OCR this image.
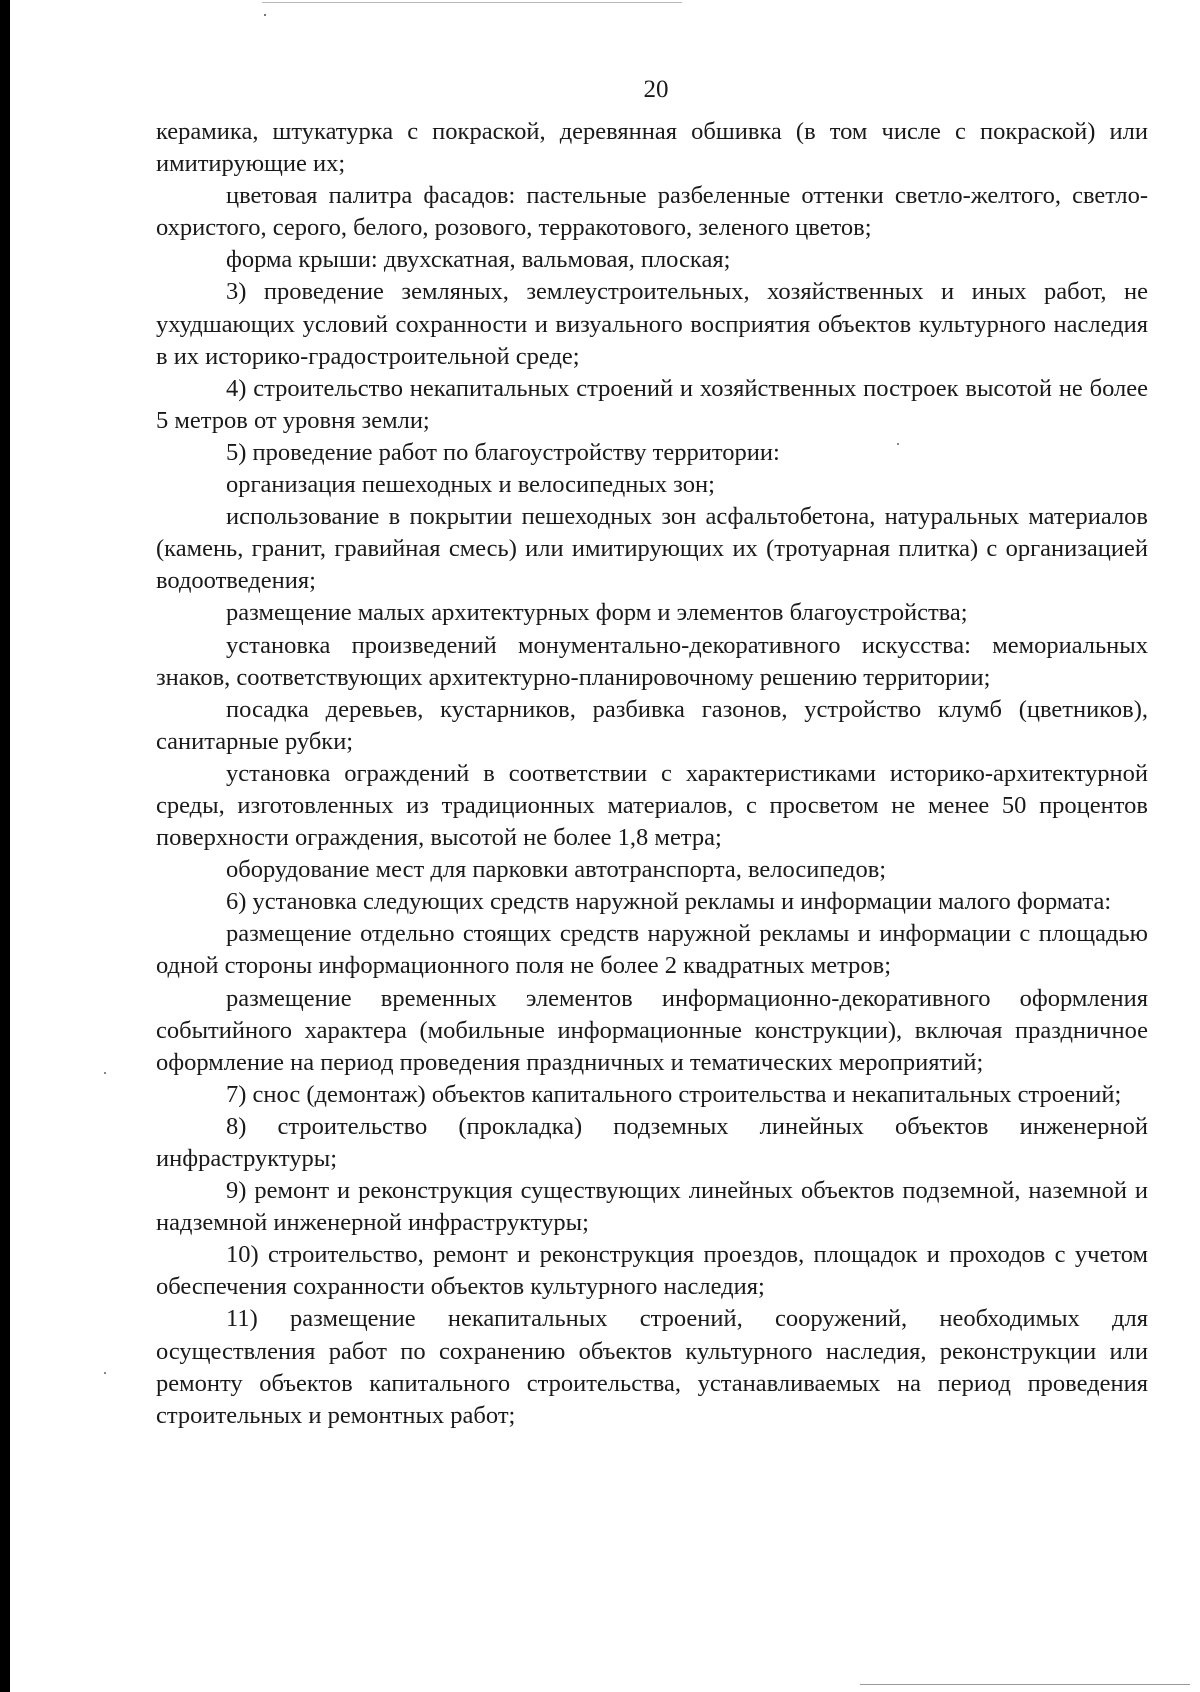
20

керамика, штукатурка с покраской, деревянная обшивка (в том числе с покраской) или имитирующие их;

цветовая палитра фасадов: пастельные разбеленные оттенки светло-желтого, светло-охристого, серого, белого, розового, терракотового, зеленого цветов;

форма крыши: двухскатная, вальмовая, плоская;

3) проведение земляных, землеустроительных, хозяйственных и иных работ, не ухудшающих условий сохранности и визуального восприятия объектов культурного наследия в их историко-градостроительной среде;

4) строительство некапитальных строений и хозяйственных построек высотой не более 5 метров от уровня земли;

5) проведение работ по благоустройству территории:

организация пешеходных и велосипедных зон;

использование в покрытии пешеходных зон асфальтобетона, натуральных материалов (камень, гранит, гравийная смесь) или имитирующих их (тротуарная плитка) с организацией водоотведения;

размещение малых архитектурных форм и элементов благоустройства;

установка произведений монументально-декоративного искусства: мемориальных знаков, соответствующих архитектурно-планировочному решению территории;

посадка деревьев, кустарников, разбивка газонов, устройство клумб (цветников), санитарные рубки;

установка ограждений в соответствии с характеристиками историко-архитектурной среды, изготовленных из традиционных материалов, с просветом не менее 50 процентов поверхности ограждения, высотой не более 1,8 метра;

оборудование мест для парковки автотранспорта, велосипедов;

6) установка следующих средств наружной рекламы и информации малого формата:

размещение отдельно стоящих средств наружной рекламы и информации с площадью одной стороны информационного поля не более 2 квадратных метров;

размещение временных элементов информационно-декоративного оформления событийного характера (мобильные информационные конструкции), включая праздничное оформление на период проведения праздничных и тематических мероприятий;

7) снос (демонтаж) объектов капитального строительства и некапитальных строений;

8) строительство (прокладка) подземных линейных объектов инженерной инфраструктуры;

9) ремонт и реконструкция существующих линейных объектов подземной, наземной и надземной инженерной инфраструктуры;

10) строительство, ремонт и реконструкция проездов, площадок и проходов с учетом обеспечения сохранности объектов культурного наследия;

11) размещение некапитальных строений, сооружений, необходимых для осуществления работ по сохранению объектов культурного наследия, реконструкции или ремонту объектов капитального строительства, устанавливаемых на период проведения строительных и ремонтных работ;
